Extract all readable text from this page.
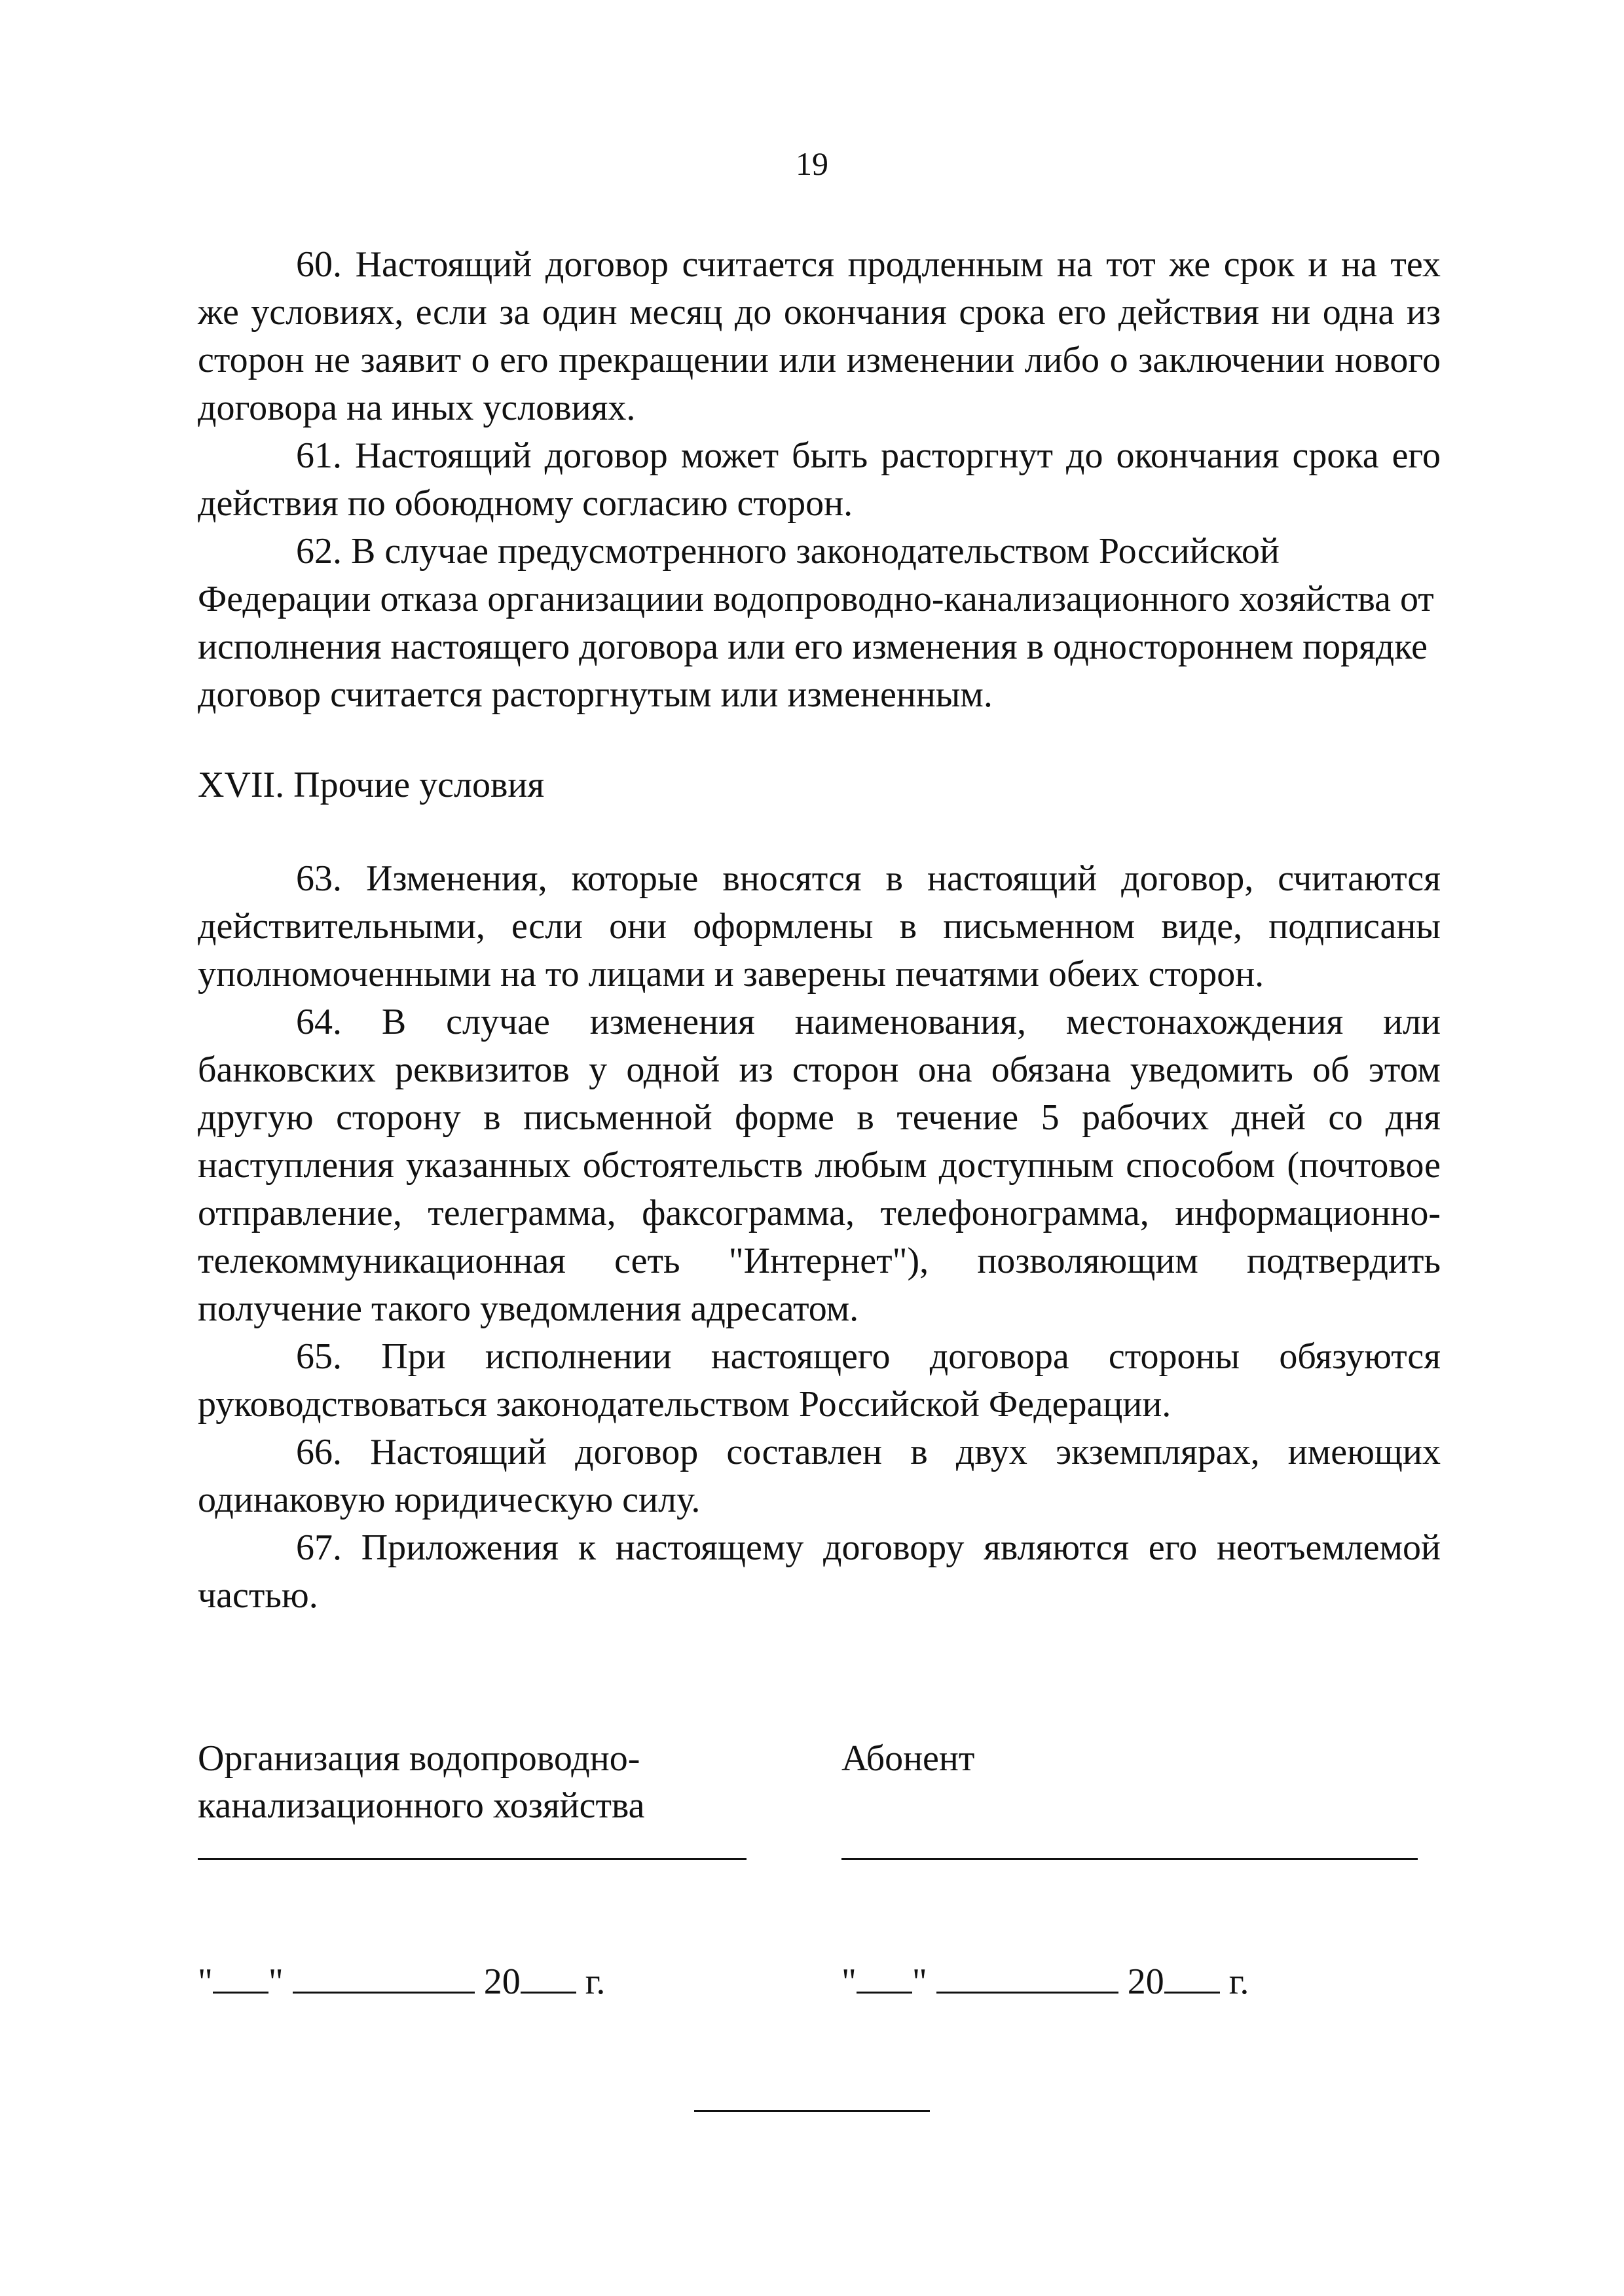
19

60. Настоящий договор считается продленным на тот же срок и на тех же условиях, если за один месяц до окончания срока его действия ни одна из сторон не заявит о его прекращении или изменении либо о заключении нового договора на иных условиях.

61. Настоящий договор может быть расторгнут до окончания срока его действия по обоюдному согласию сторон.

62. В случае предусмотренного законодательством Российской Федерации отказа организациии водопроводно-канализационного хозяйства от исполнения настоящего договора или его изменения в одностороннем порядке договор считается расторгнутым или измененным.

XVII. Прочие условия

63. Изменения, которые вносятся в настоящий договор, считаются действительными, если они оформлены в письменном виде, подписаны уполномоченными на то лицами и заверены печатями обеих сторон.

64. В случае изменения наименования, местонахождения или банковских реквизитов у одной из сторон она обязана уведомить об этом другую сторону в письменной форме в течение 5 рабочих дней со дня наступления указанных обстоятельств любым доступным способом (почтовое отправление, телеграмма, факсограмма, телефонограмма, информационно-телекоммуникационная сеть "Интернет"), позволяющим подтвердить получение такого уведомления адресатом.

65. При исполнении настоящего договора стороны обязуются руководствоваться законодательством Российской Федерации.

66. Настоящий договор составлен в двух экземплярах, имеющих одинаковую юридическую силу.

67. Приложения к настоящему договору являются его неотъемлемой частью.

Организация водопроводно-
канализационного хозяйства
Абонент
" "	20 г.	" "	20 г.
